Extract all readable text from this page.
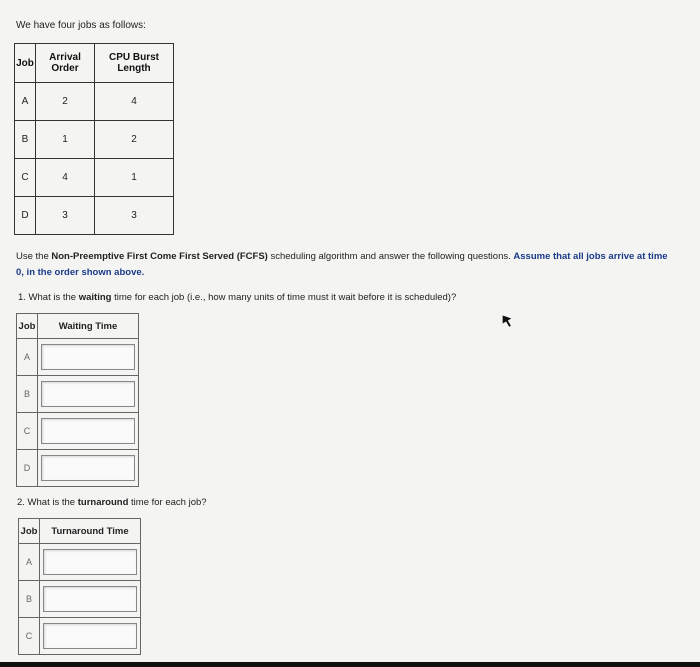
We have four jobs as follows:
Job	Arrival Order	CPU Burst Length
A	2	4
B	1	2
C	4	1
D	3	3
Use the Non-Preemptive First Come First Served (FCFS) scheduling algorithm and answer the following questions. Assume that all jobs arrive at time 0, in the order shown above.
1. What is the waiting time for each job (i.e., how many units of time must it wait before it is scheduled)?
Job	Waiting Time
A	

B	

C	

D	
2. What is the turnaround time for each job?
Job	Turnaround Time
A	

B	

C	
